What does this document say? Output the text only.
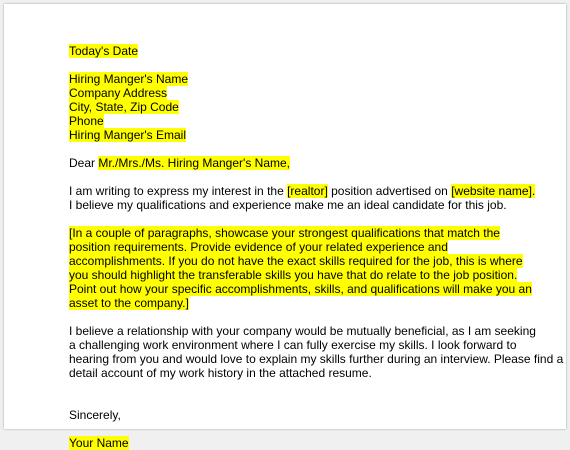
Today's Date
Hiring Manger's Name
Company Address
City, State, Zip Code
Phone
Hiring Manger's Email
Dear Mr./Mrs./Ms. Hiring Manger's Name,
I am writing to express my interest in the [realtor] position advertised on [website name].
I believe my qualifications and experience make me an ideal candidate for this job.
[In a couple of paragraphs, showcase your strongest qualifications that match the
position requirements. Provide evidence of your related experience and
accomplishments. If you do not have the exact skills required for the job, this is where
you should highlight the transferable skills you have that do relate to the job position.
Point out how your specific accomplishments, skills, and qualifications will make you an
asset to the company.]
I believe a relationship with your company would be mutually beneficial, as I am seeking
a challenging work environment where I can fully exercise my skills. I look forward to
hearing from you and would love to explain my skills further during an interview. Please find a
detail account of my work history in the attached resume.
Sincerely,
Your Name
